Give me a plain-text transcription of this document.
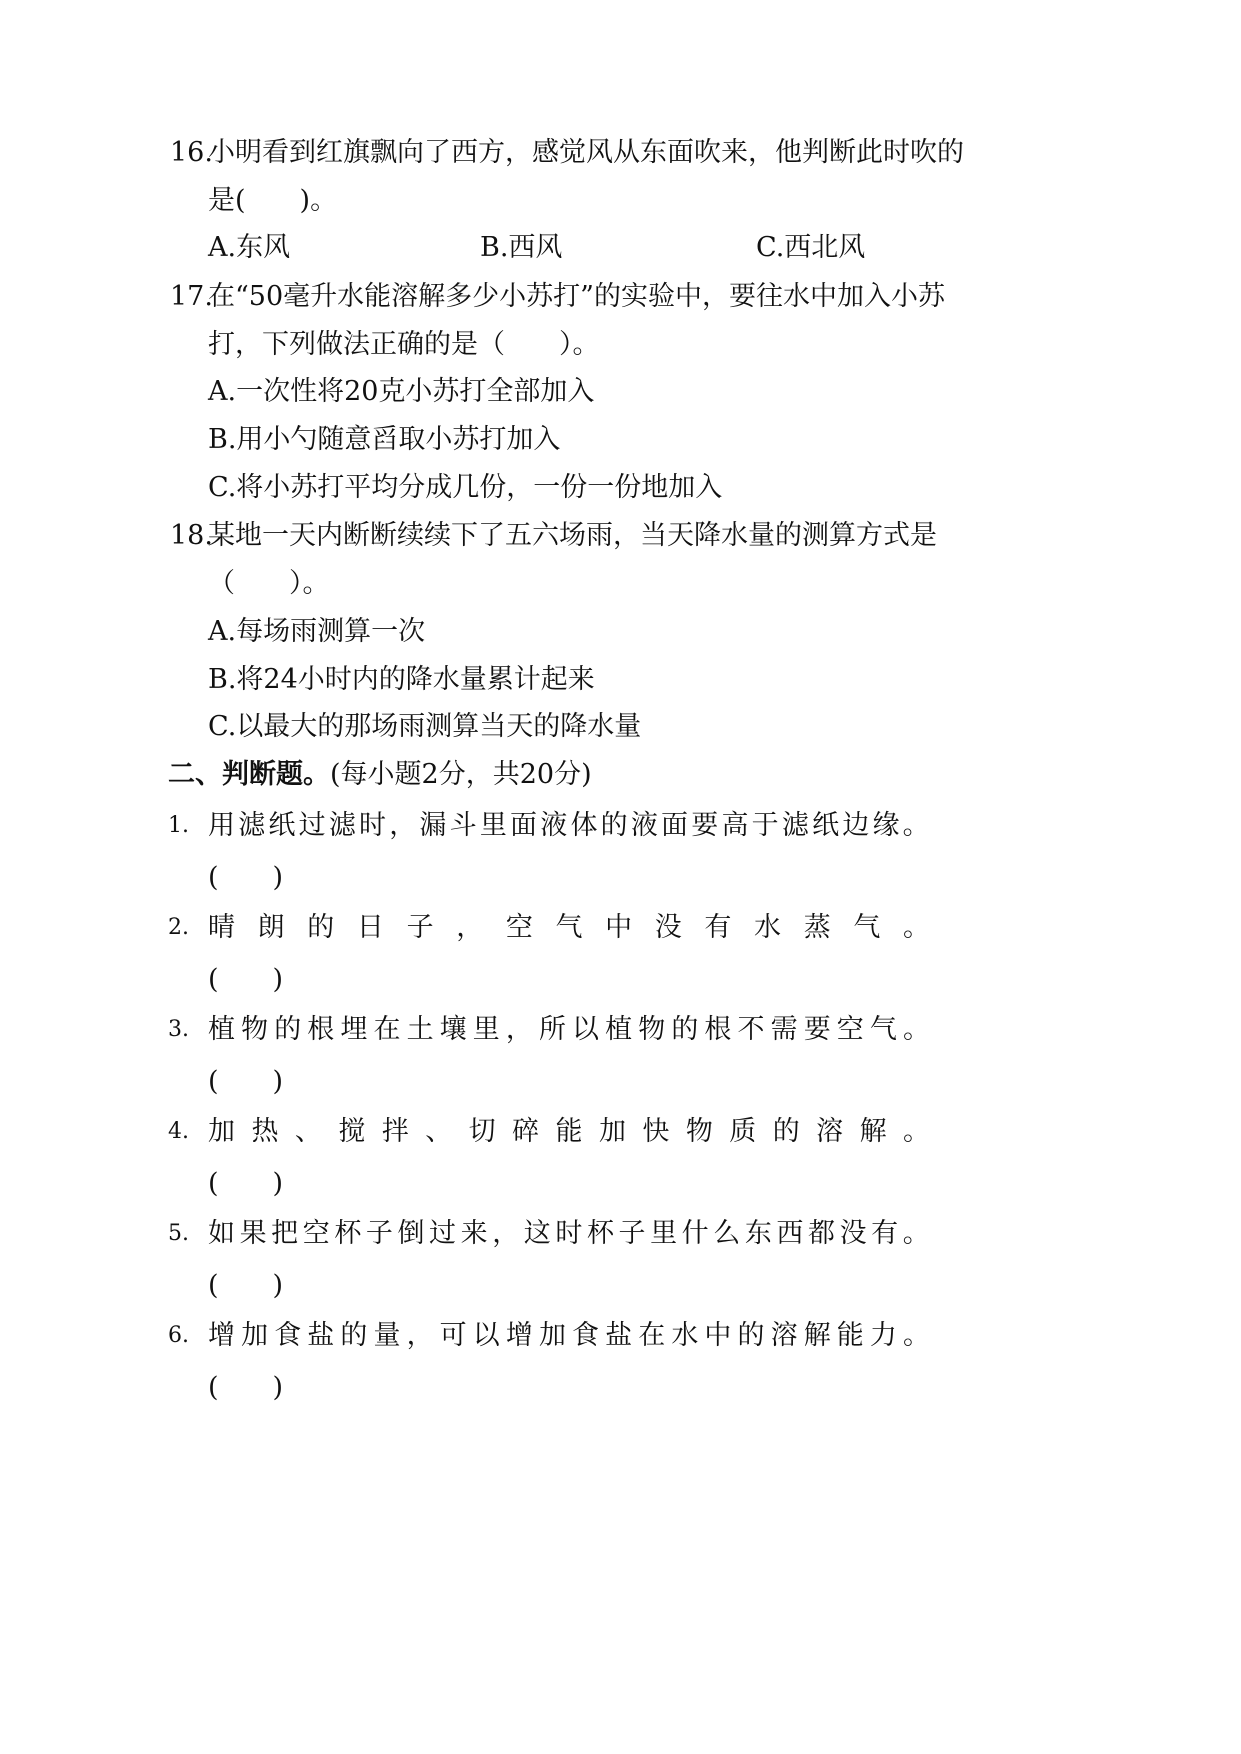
16.
小明看到红旗飘向了西方，感觉风从东面吹来，他判断此时吹的
是(　　)。
A.东风	B.西风	C.西北风
17.
在“50毫升水能溶解多少小苏打”的实验中，要往水中加入小苏
打，下列做法正确的是（　　）。
A.一次性将20克小苏打全部加入
B.用小勺随意舀取小苏打加入
C.将小苏打平均分成几份，一份一份地加入
18.
某地一天内断断续续下了五六场雨，当天降水量的测算方式是
（　　）。
A.每场雨测算一次
B.将24小时内的降水量累计起来
C.以最大的那场雨测算当天的降水量
二、判断题。(每小题2分，共20分)
1. 用 滤 纸 过 滤 时 ， 漏 斗 里 面 液 体 的 液 面 要 高 于 滤 纸 边 缘 。
(　　)
2. 晴 朗 的 日 子 ， 空 气 中 没 有 水 蒸 气 。
(　　)
3. 植 物 的 根 埋 在 土 壤 里 ， 所 以 植 物 的 根 不 需 要 空 气 。
(　　)
4. 加 热 、 搅 拌 、 切 碎 能 加 快 物 质 的 溶 解 。
(　　)
5. 如 果 把 空 杯 子 倒 过 来 ， 这 时 杯 子 里 什 么 东 西 都 没 有 。
(　　)
6. 增 加 食 盐 的 量 ， 可 以 增 加 食 盐 在 水 中 的 溶 解 能 力 。
(　　)
